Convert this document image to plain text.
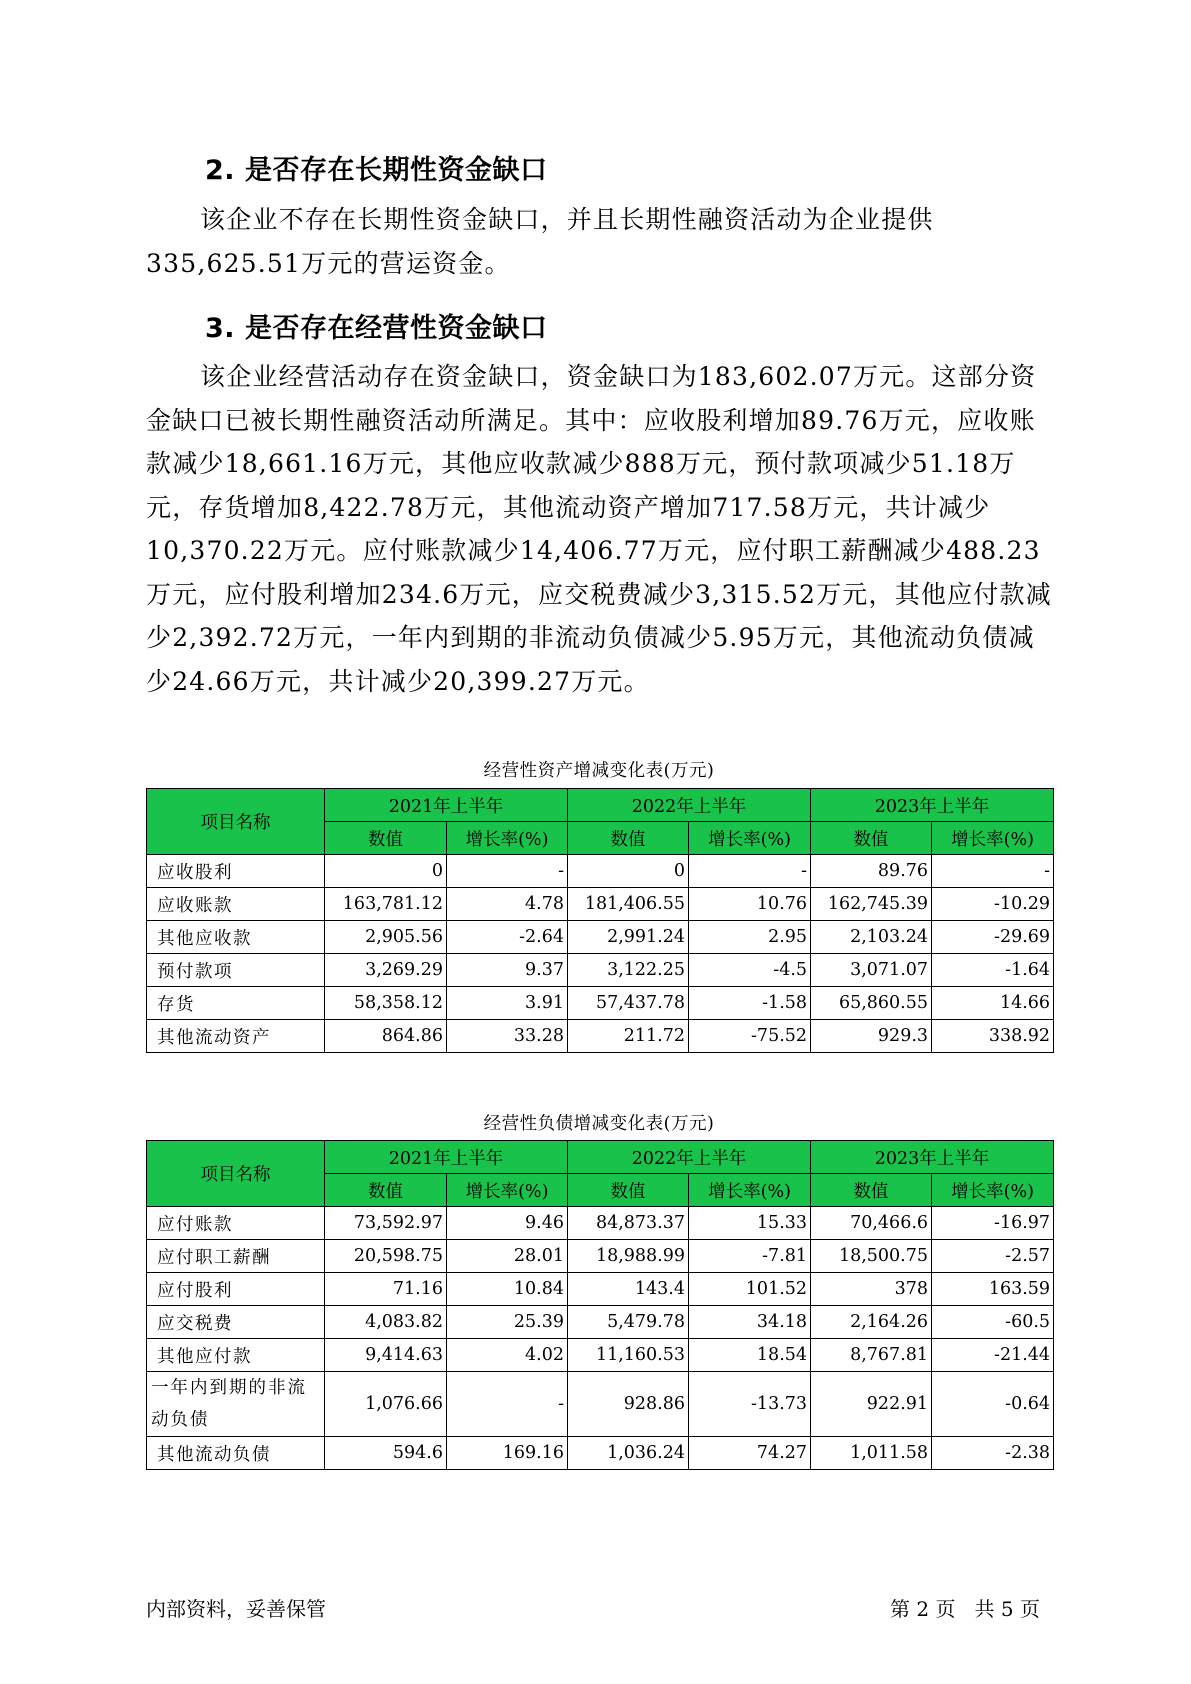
2. 是否存在长期性资金缺口

该企业不存在长期性资金缺口，并且长期性融资活动为企业提供335,625.51万元的营运资金。

3. 是否存在经营性资金缺口

该企业经营活动存在资金缺口，资金缺口为183,602.07万元。这部分资金缺口已被长期性融资活动所满足。其中：应收股利增加89.76万元，应收账款减少18,661.16万元，其他应收款减少888万元，预付款项减少51.18万元，存货增加8,422.78万元，其他流动资产增加717.58万元，共计减少10,370.22万元。应付账款减少14,406.77万元，应付职工薪酬减少488.23万元，应付股利增加234.6万元，应交税费减少3,315.52万元，其他应付款减少2,392.72万元，一年内到期的非流动负债减少5.95万元，其他流动负债减少24.66万元，共计减少20,399.27万元。

经营性资产增减变化表(万元)
项目名称	2021年上半年		2022年上半年		2023年上半年	
	数值	增长率(%)	数值	增长率(%)	数值	增长率(%)
应收股利	0	-	0	-	89.76	-
应收账款	163,781.12	4.78	181,406.55	10.76	162,745.39	-10.29
其他应收款	2,905.56	-2.64	2,991.24	2.95	2,103.24	-29.69
预付款项	3,269.29	9.37	3,122.25	-4.5	3,071.07	-1.64
存货	58,358.12	3.91	57,437.78	-1.58	65,860.55	14.66
其他流动资产	864.86	33.28	211.72	-75.52	929.3	338.92
经营性负债增减变化表(万元)
项目名称	2021年上半年		2022年上半年		2023年上半年	
	数值	增长率(%)	数值	增长率(%)	数值	增长率(%)
应付账款	73,592.97	9.46	84,873.37	15.33	70,466.6	-16.97
应付职工薪酬	20,598.75	28.01	18,988.99	-7.81	18,500.75	-2.57
应付股利	71.16	10.84	143.4	101.52	378	163.59
应交税费	4,083.82	25.39	5,479.78	34.18	2,164.26	-60.5
其他应付款	9,414.63	4.02	11,160.53	18.54	8,767.81	-21.44
一年内到期的非流动负债	1,076.66	-	928.86	-13.73	922.91	-0.64
其他流动负债	594.6	169.16	1,036.24	74.27	1,011.58	-2.38
内部资料，妥善保管	第 2 页   共 5 页
